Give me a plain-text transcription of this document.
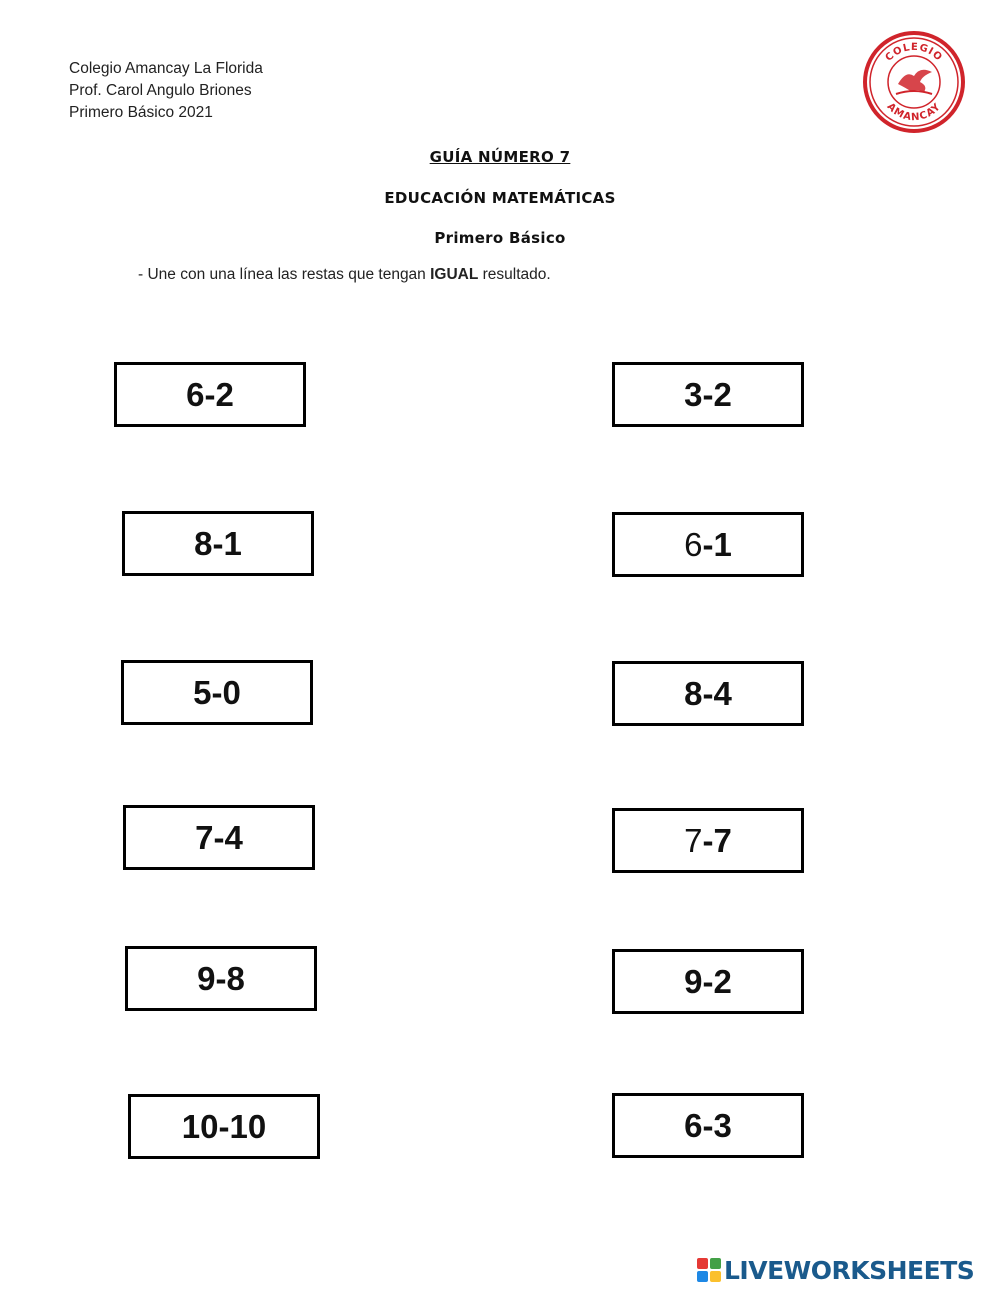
Colegio Amancay La Florida
Prof. Carol Angulo Briones
Primero Básico 2021
COLEGIO
AMANCAY
GUÍA NÚMERO 7
EDUCACIÓN MATEMÁTICAS
Primero Básico
- Une con una línea las restas que tengan IGUAL resultado.
6 - 2
8 - 1
5 - 0
7 - 4
9 - 8
10 - 10
3 - 2
6 - 1
8 - 4
7 - 7
9 - 2
6 - 3
LIVEWORKSHEETS
